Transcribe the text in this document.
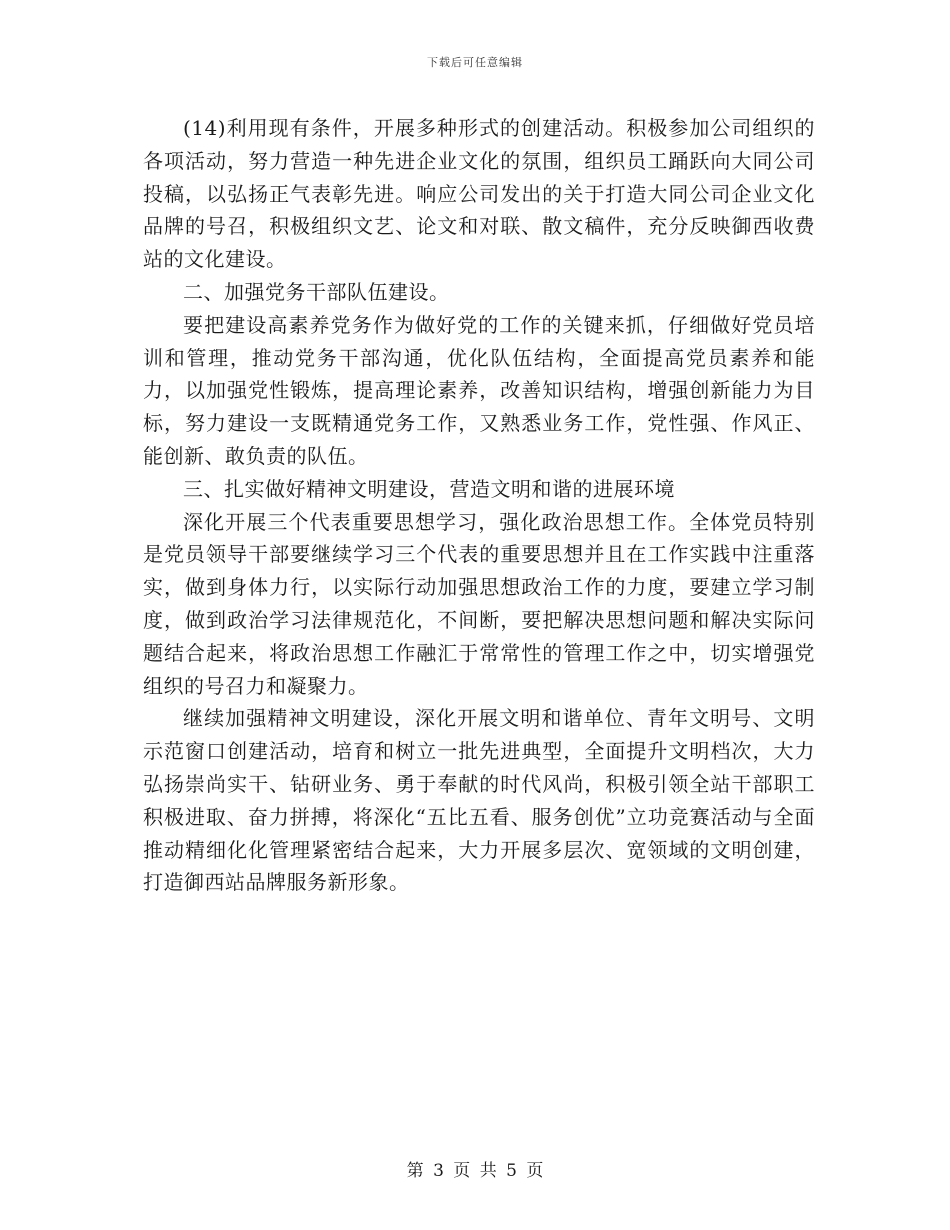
下载后可任意编辑

(14)利用现有条件，开展多种形式的创建活动。积极参加公司组织的各项活动，努力营造一种先进企业文化的氛围，组织员工踊跃向大同公司投稿，以弘扬正气表彰先进。响应公司发出的关于打造大同公司企业文化品牌的号召，积极组织文艺、论文和对联、散文稿件，充分反映御西收费站的文化建设。

二、加强党务干部队伍建设。

要把建设高素养党务作为做好党的工作的关键来抓，仔细做好党员培训和管理，推动党务干部沟通，优化队伍结构，全面提高党员素养和能力，以加强党性锻炼，提高理论素养，改善知识结构，增强创新能力为目标，努力建设一支既精通党务工作，又熟悉业务工作，党性强、作风正、能创新、敢负责的队伍。

三、扎实做好精神文明建设，营造文明和谐的进展环境

深化开展三个代表重要思想学习，强化政治思想工作。全体党员特别是党员领导干部要继续学习三个代表的重要思想并且在工作实践中注重落实，做到身体力行，以实际行动加强思想政治工作的力度，要建立学习制度，做到政治学习法律规范化，不间断，要把解决思想问题和解决实际问题结合起来，将政治思想工作融汇于常常性的管理工作之中，切实增强党组织的号召力和凝聚力。

继续加强精神文明建设，深化开展文明和谐单位、青年文明号、文明示范窗口创建活动，培育和树立一批先进典型，全面提升文明档次，大力弘扬崇尚实干、钻研业务、勇于奉献的时代风尚，积极引领全站干部职工积极进取、奋力拼搏，将深化“五比五看、服务创优”立功竞赛活动与全面推动精细化化管理紧密结合起来，大力开展多层次、宽领域的文明创建，打造御西站品牌服务新形象。

第 3 页 共 5 页
